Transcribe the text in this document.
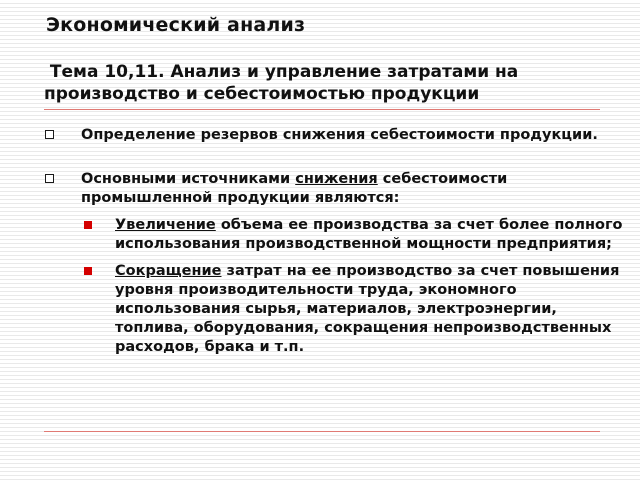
Экономический анализ
Тема 10,11. Анализ и управление затратами на производство и себестоимостью продукции
Определение резервов снижения себестоимости продукции.
Основными источниками снижения себестоимости промышленной продукции являются:
Увеличение объема ее производства за счет более полного использования производственной мощности предприятия;
Сокращение затрат на ее производство за счет повышения уровня производительности труда, экономного использования сырья, материалов, электроэнергии, топлива, оборудования, сокращения непроизводственных расходов, брака и т.п.
